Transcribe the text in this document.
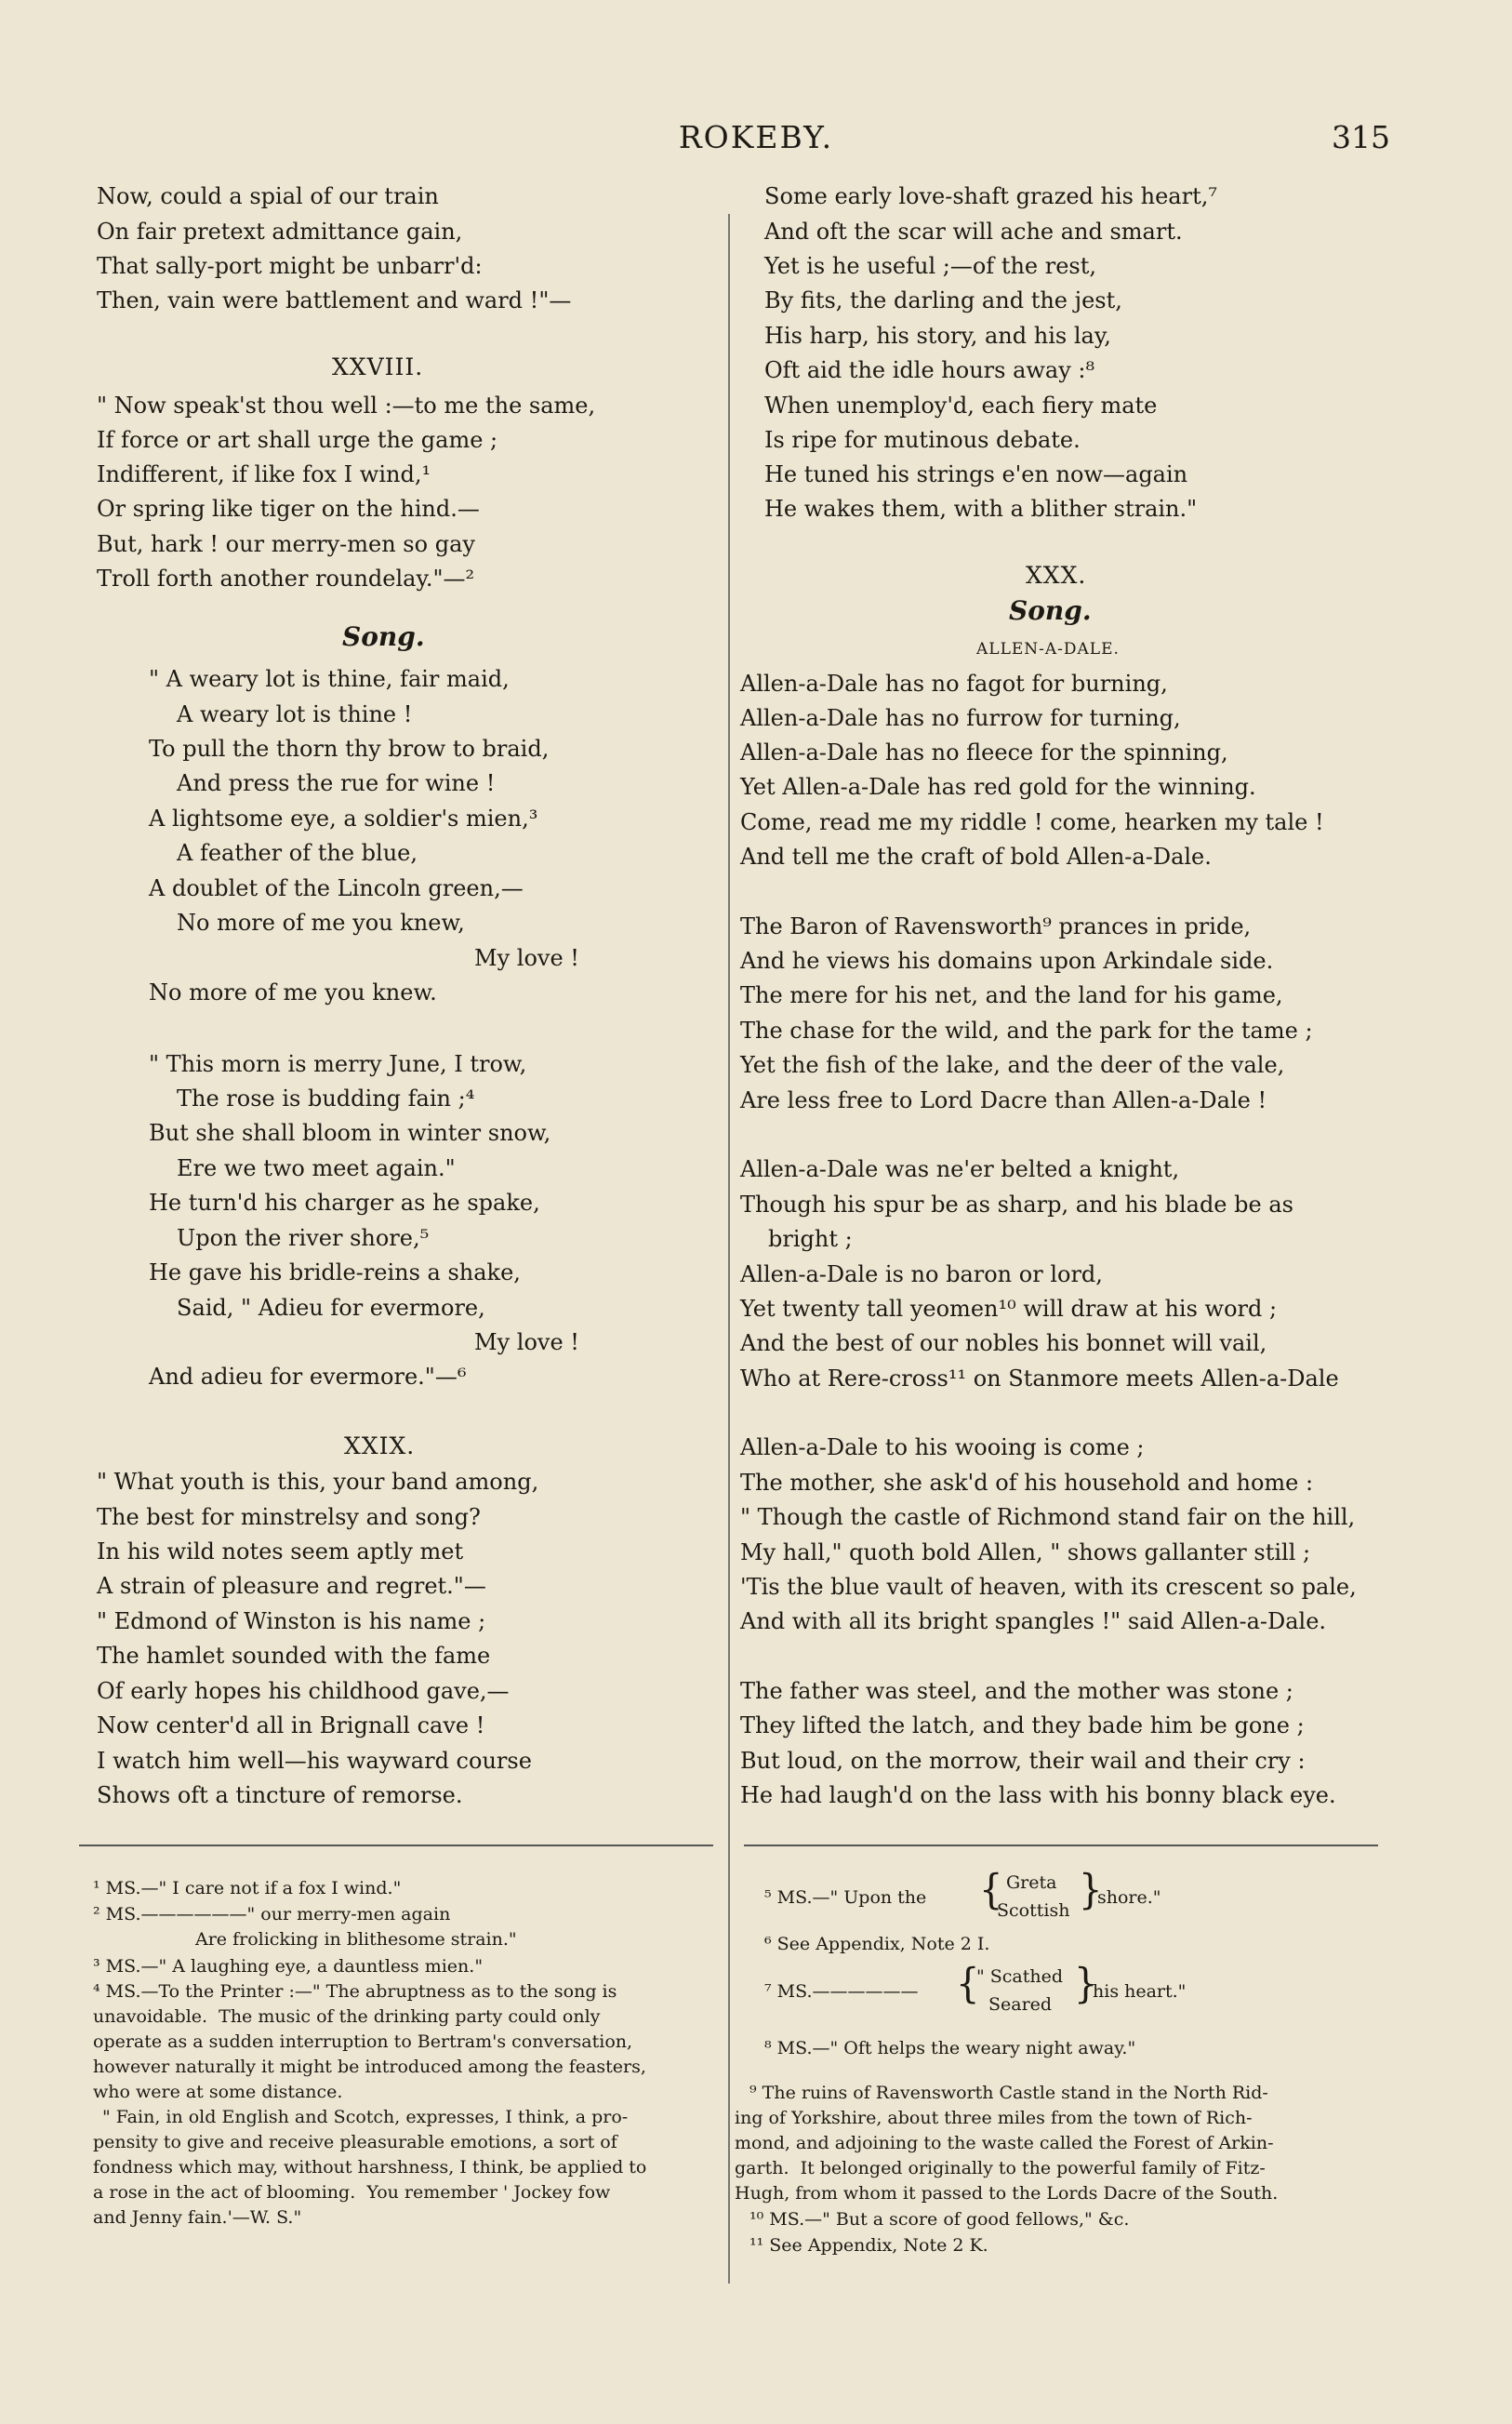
ROKEBY.	315
Now, could a spial of our train
On fair pretext admittance gain,
That sally-port might be unbarr'd:
Then, vain were battlement and ward !"—
XXVIII.
" Now speak'st thou well :—to me the same,
If force or art shall urge the game ;
Indifferent, if like fox I wind,¹
Or spring like tiger on the hind.—
But, hark ! our merry-men so gay
Troll forth another roundelay."—²
Song.
" A weary lot is thine, fair maid,
A weary lot is thine !
To pull the thorn thy brow to braid,
And press the rue for wine !
A lightsome eye, a soldier's mien,³
A feather of the blue,
A doublet of the Lincoln green,—
No more of me you knew,
My love !
No more of me you knew.
" This morn is merry June, I trow,
The rose is budding fain ;⁴
But she shall bloom in winter snow,
Ere we two meet again."
He turn'd his charger as he spake,
Upon the river shore,⁵
He gave his bridle-reins a shake,
Said, " Adieu for evermore,
My love !
And adieu for evermore."—⁶
XXIX.
" What youth is this, your band among,
The best for minstrelsy and song?
In his wild notes seem aptly met
A strain of pleasure and regret."—
" Edmond of Winston is his name ;
The hamlet sounded with the fame
Of early hopes his childhood gave,—
Now center'd all in Brignall cave !
I watch him well—his wayward course
Shows oft a tincture of remorse.
Some early love-shaft grazed his heart,⁷
And oft the scar will ache and smart.
Yet is he useful ;—of the rest,
By fits, the darling and the jest,
His harp, his story, and his lay,
Oft aid the idle hours away :⁸
When unemploy'd, each fiery mate
Is ripe for mutinous debate.
He tuned his strings e'en now—again
He wakes them, with a blither strain."
XXX.
Song.
ALLEN-A-DALE.
Allen-a-Dale has no fagot for burning,
Allen-a-Dale has no furrow for turning,
Allen-a-Dale has no fleece for the spinning,
Yet Allen-a-Dale has red gold for the winning.
Come, read me my riddle ! come, hearken my tale !
And tell me the craft of bold Allen-a-Dale.
The Baron of Ravensworth⁹ prances in pride,
And he views his domains upon Arkindale side.
The mere for his net, and the land for his game,
The chase for the wild, and the park for the tame ;
Yet the fish of the lake, and the deer of the vale,
Are less free to Lord Dacre than Allen-a-Dale !
Allen-a-Dale was ne'er belted a knight,
Though his spur be as sharp, and his blade be as
bright ;
Allen-a-Dale is no baron or lord,
Yet twenty tall yeomen¹⁰ will draw at his word ;
And the best of our nobles his bonnet will vail,
Who at Rere-cross¹¹ on Stanmore meets Allen-a-Dale
Allen-a-Dale to his wooing is come ;
The mother, she ask'd of his household and home :
" Though the castle of Richmond stand fair on the hill,
My hall," quoth bold Allen, " shows gallanter still ;
'Tis the blue vault of heaven, with its crescent so pale,
And with all its bright spangles !" said Allen-a-Dale.
The father was steel, and the mother was stone ;
They lifted the latch, and they bade him be gone ;
But loud, on the morrow, their wail and their cry :
He had laugh'd on the lass with his bonny black eye.
¹ MS.—" I care not if a fox I wind."
² MS.——————" our merry-men again
Are frolicking in blithesome strain."
³ MS.—" A laughing eye, a dauntless mien."
⁴ MS.—To the Printer :—" The abruptness as to the song is
unavoidable.  The music of the drinking party could only
operate as a sudden interruption to Bertram's conversation,
however naturally it might be introduced among the feasters,
who were at some distance.
" Fain, in old English and Scotch, expresses, I think, a pro-
pensity to give and receive pleasurable emotions, a sort of
fondness which may, without harshness, I think, be applied to
a rose in the act of blooming.  You remember ' Jockey fow
and Jenny fain.'—W. S."
⁵ MS.—" Upon the { Greta
Scottish }
shore."
⁶ See Appendix, Note 2 I.
⁷ MS.—————— {
" Scathed
Seared }
his heart."
⁸ MS.—" Oft helps the weary night away."
⁹ The ruins of Ravensworth Castle stand in the North Rid-
ing of Yorkshire, about three miles from the town of Rich-
mond, and adjoining to the waste called the Forest of Arkin-
garth.  It belonged originally to the powerful family of Fitz-
Hugh, from whom it passed to the Lords Dacre of the South.
¹⁰ MS.—" But a score of good fellows," &c.
¹¹ See Appendix, Note 2 K.
